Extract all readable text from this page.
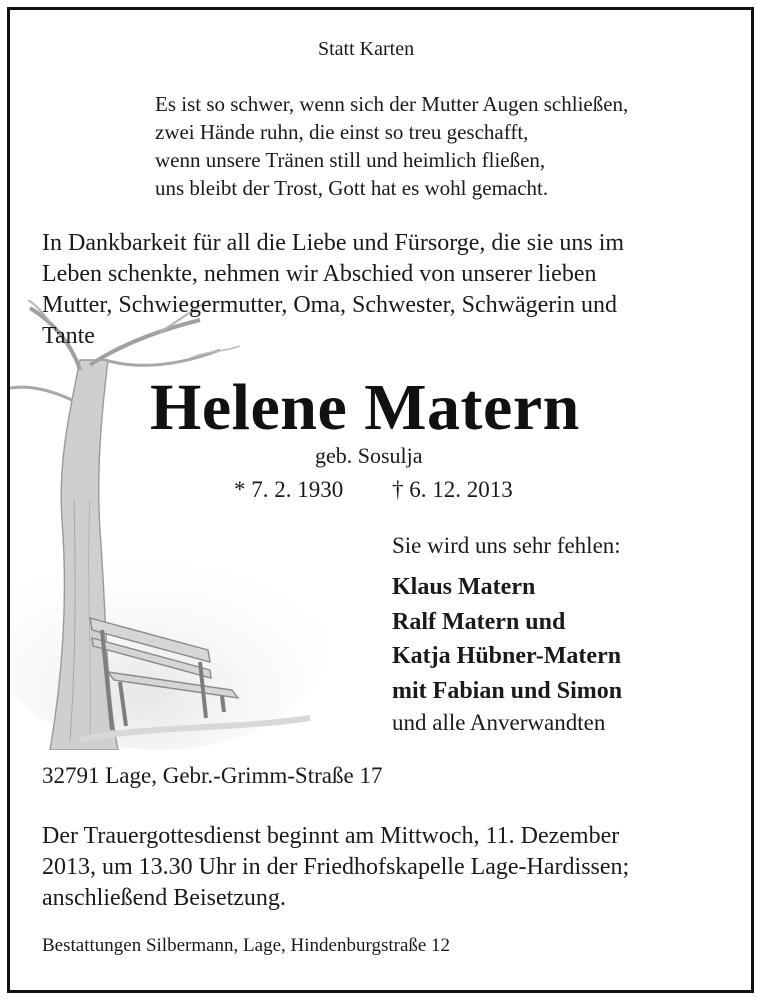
Statt Karten
Es ist so schwer, wenn sich der Mutter Augen schließen,
zwei Hände ruhn, die einst so treu geschafft,
wenn unsere Tränen still und heimlich fließen,
uns bleibt der Trost, Gott hat es wohl gemacht.
In Dankbarkeit für all die Liebe und Fürsorge, die sie uns im
Leben schenkte, nehmen wir Abschied von unserer lieben
Mutter, Schwiegermutter, Oma, Schwester, Schwägerin und
Tante
Helene Matern
geb. Sosulja
* 7. 2. 1930 † 6. 12. 2013
Sie wird uns sehr fehlen:
Klaus Matern
Ralf Matern und
Katja Hübner-Matern
mit Fabian und Simon
und alle Anverwandten
32791 Lage, Gebr.-Grimm-Straße 17
Der Trauergottesdienst beginnt am Mittwoch, 11. Dezember
2013, um 13.30 Uhr in der Friedhofskapelle Lage-Hardissen;
anschließend Beisetzung.
Bestattungen Silbermann, Lage, Hindenburgstraße 12
